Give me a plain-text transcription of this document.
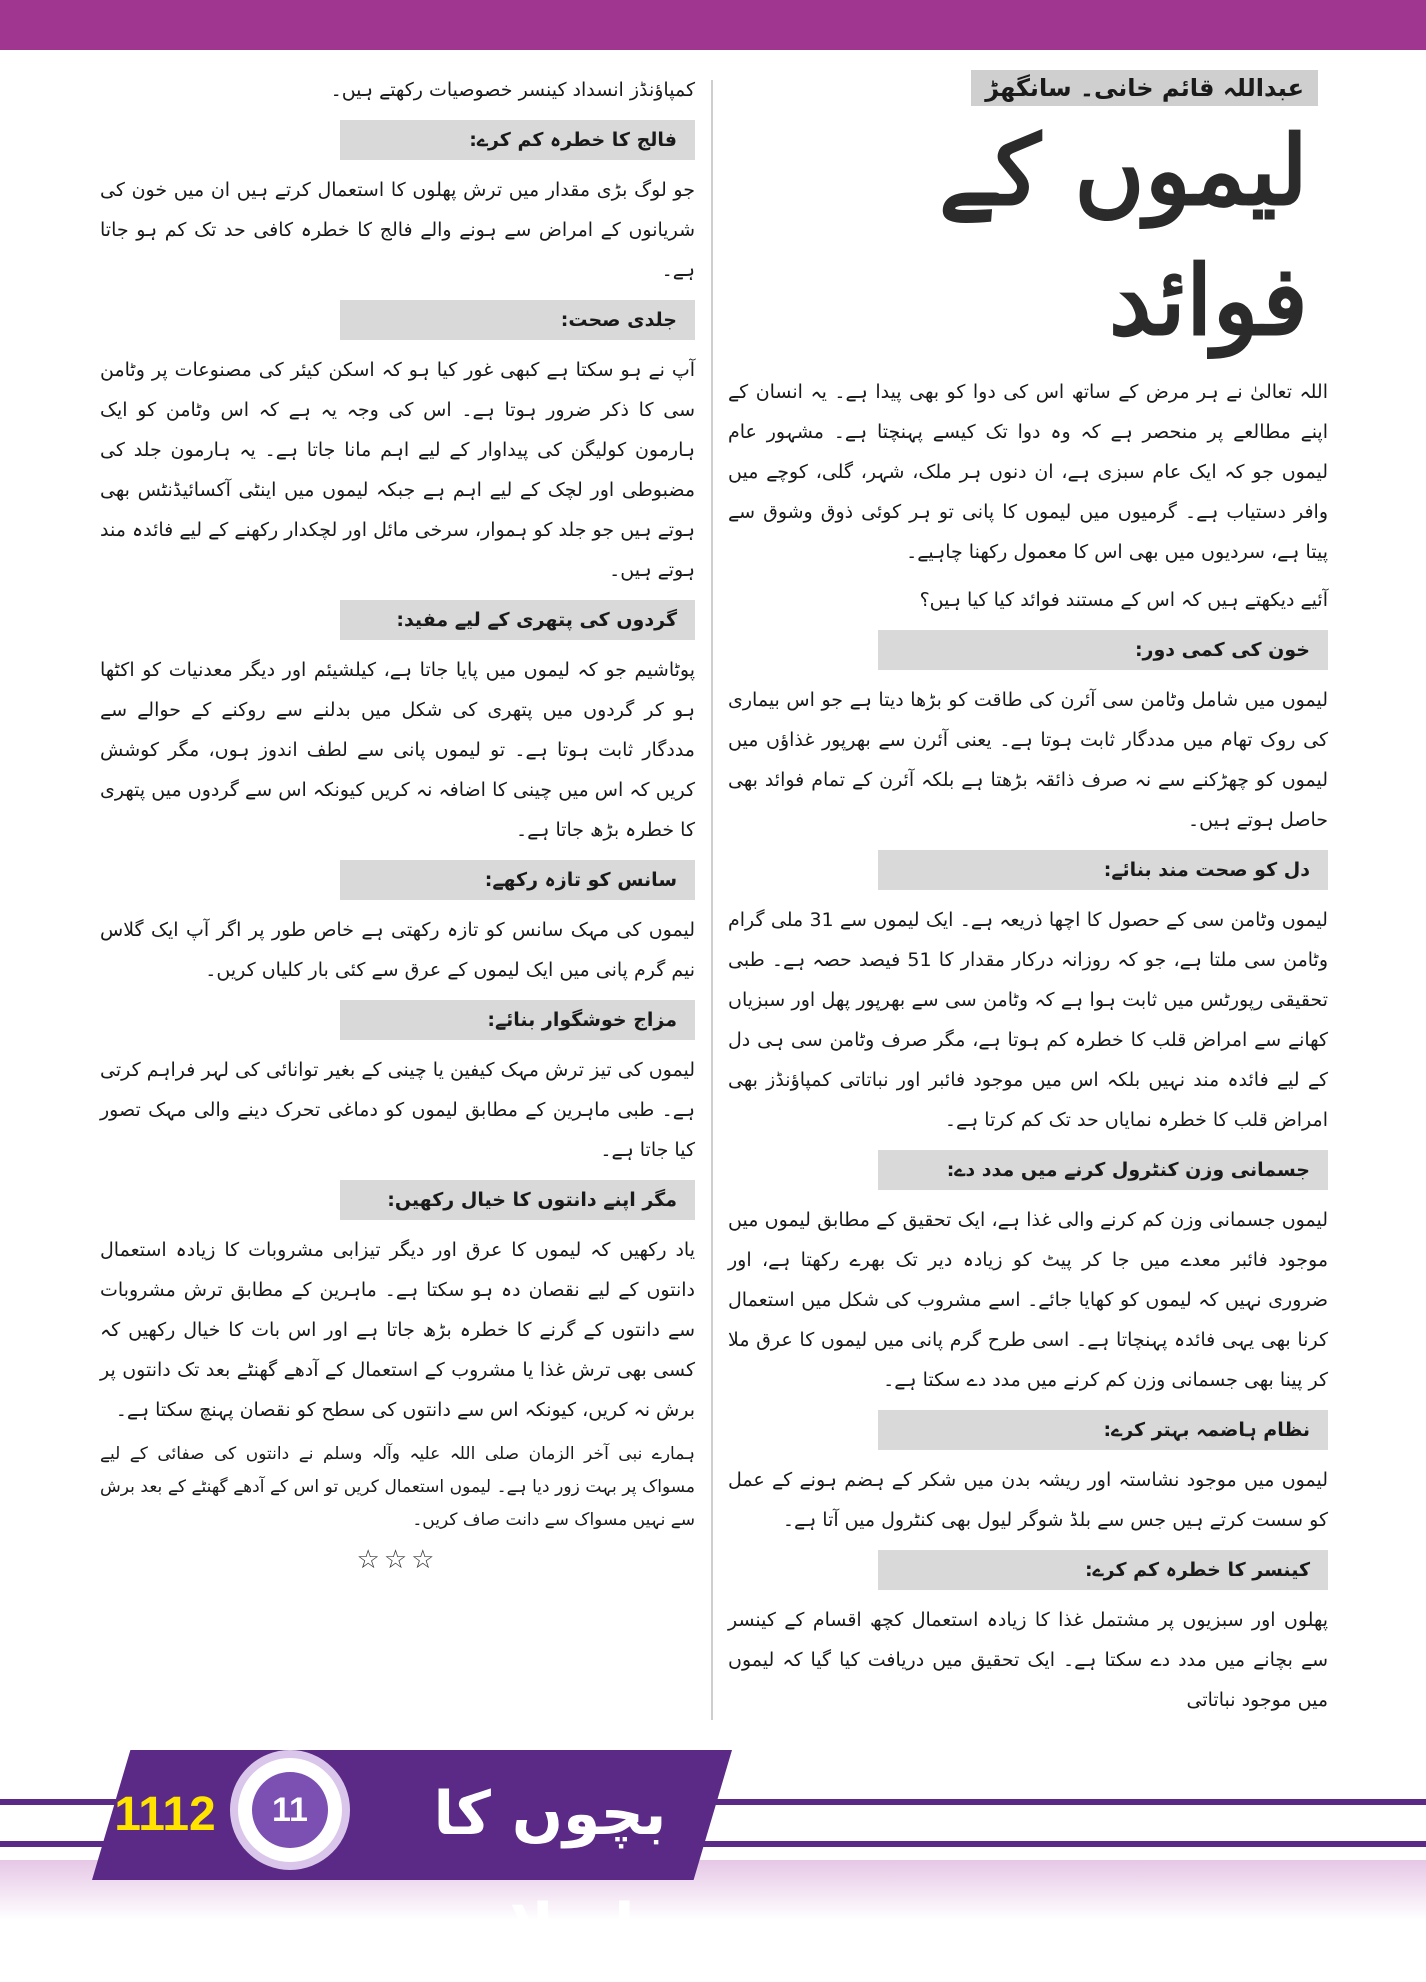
عبداللہ قائم خانی۔ سانگھڑ
لیموں کے فوائد

اللہ تعالیٰ نے ہر مرض کے ساتھ اس کی دوا کو بھی پیدا ہے۔ یہ انسان کے اپنے مطالعے پر منحصر ہے کہ وہ دوا تک کیسے پہنچتا ہے۔ مشہور عام لیموں جو کہ ایک عام سبزی ہے، ان دنوں ہر ملک، شہر، گلی، کوچے میں وافر دستیاب ہے۔ گرمیوں میں لیموں کا پانی تو ہر کوئی ذوق وشوق سے پیتا ہے، سردیوں میں بھی اس کا معمول رکھنا چاہیے۔

آئیے دیکھتے ہیں کہ اس کے مستند فوائد کیا کیا ہیں؟

خون کی کمی دور:

لیموں میں شامل وٹامن سی آئرن کی طاقت کو بڑھا دیتا ہے جو اس بیماری کی روک تھام میں مددگار ثابت ہوتا ہے۔ یعنی آئرن سے بھرپور غذاؤں میں لیموں کو چھڑکنے سے نہ صرف ذائقہ بڑھتا ہے بلکہ آئرن کے تمام فوائد بھی حاصل ہوتے ہیں۔

دل کو صحت مند بنائے:

لیموں وٹامن سی کے حصول کا اچھا ذریعہ ہے۔ ایک لیموں سے 31 ملی گرام وٹامن سی ملتا ہے، جو کہ روزانہ درکار مقدار کا 51 فیصد حصہ ہے۔ طبی تحقیقی رپورٹس میں ثابت ہوا ہے کہ وٹامن سی سے بھرپور پھل اور سبزیاں کھانے سے امراض قلب کا خطرہ کم ہوتا ہے، مگر صرف وٹامن سی ہی دل کے لیے فائدہ مند نہیں بلکہ اس میں موجود فائبر اور نباتاتی کمپاؤنڈز بھی امراض قلب کا خطرہ نمایاں حد تک کم کرتا ہے۔

جسمانی وزن کنٹرول کرنے میں مدد دے:

لیموں جسمانی وزن کم کرنے والی غذا ہے، ایک تحقیق کے مطابق لیموں میں موجود فائبر معدے میں جا کر پیٹ کو زیادہ دیر تک بھرے رکھتا ہے، اور ضروری نہیں کہ لیموں کو کھایا جائے۔ اسے مشروب کی شکل میں استعمال کرنا بھی یہی فائدہ پہنچاتا ہے۔ اسی طرح گرم پانی میں لیموں کا عرق ملا کر پینا بھی جسمانی وزن کم کرنے میں مدد دے سکتا ہے۔

نظام ہاضمہ بہتر کرے:

لیموں میں موجود نشاستہ اور ریشہ بدن میں شکر کے ہضم ہونے کے عمل کو سست کرتے ہیں جس سے بلڈ شوگر لیول بھی کنٹرول میں آتا ہے۔

کینسر کا خطرہ کم کرے:

پھلوں اور سبزیوں پر مشتمل غذا کا زیادہ استعمال کچھ اقسام کے کینسر سے بچانے میں مدد دے سکتا ہے۔ ایک تحقیق میں دریافت کیا گیا کہ لیموں میں موجود نباتاتی

کمپاؤنڈز انسداد کینسر خصوصیات رکھتے ہیں۔

فالج کا خطرہ کم کرے:

جو لوگ بڑی مقدار میں ترش پھلوں کا استعمال کرتے ہیں ان میں خون کی شریانوں کے امراض سے ہونے والے فالج کا خطرہ کافی حد تک کم ہو جاتا ہے۔

جلدی صحت:

آپ نے ہو سکتا ہے کبھی غور کیا ہو کہ اسکن کیئر کی مصنوعات پر وٹامن سی کا ذکر ضرور ہوتا ہے۔ اس کی وجہ یہ ہے کہ اس وٹامن کو ایک ہارمون کولیگن کی پیداوار کے لیے اہم مانا جاتا ہے۔ یہ ہارمون جلد کی مضبوطی اور لچک کے لیے اہم ہے جبکہ لیموں میں اینٹی آکسائیڈنٹس بھی ہوتے ہیں جو جلد کو ہموار، سرخی مائل اور لچکدار رکھنے کے لیے فائدہ مند ہوتے ہیں۔

گردوں کی پتھری کے لیے مفید:

پوٹاشیم جو کہ لیموں میں پایا جاتا ہے، کیلشیئم اور دیگر معدنیات کو اکٹھا ہو کر گردوں میں پتھری کی شکل میں بدلنے سے روکنے کے حوالے سے مددگار ثابت ہوتا ہے۔ تو لیموں پانی سے لطف اندوز ہوں، مگر کوشش کریں کہ اس میں چینی کا اضافہ نہ کریں کیونکہ اس سے گردوں میں پتھری کا خطرہ بڑھ جاتا ہے۔

سانس کو تازہ رکھے:

لیموں کی مہک سانس کو تازہ رکھتی ہے خاص طور پر اگر آپ ایک گلاس نیم گرم پانی میں ایک لیموں کے عرق سے کئی بار کلیاں کریں۔

مزاج خوشگوار بنائے:

لیموں کی تیز ترش مہک کیفین یا چینی کے بغیر توانائی کی لہر فراہم کرتی ہے۔ طبی ماہرین کے مطابق لیموں کو دماغی تحرک دینے والی مہک تصور کیا جاتا ہے۔

مگر اپنے دانتوں کا خیال رکھیں:

یاد رکھیں کہ لیموں کا عرق اور دیگر تیزابی مشروبات کا زیادہ استعمال دانتوں کے لیے نقصان دہ ہو سکتا ہے۔ ماہرین کے مطابق ترش مشروبات سے دانتوں کے گرنے کا خطرہ بڑھ جاتا ہے اور اس بات کا خیال رکھیں کہ کسی بھی ترش غذا یا مشروب کے استعمال کے آدھے گھنٹے بعد تک دانتوں پر برش نہ کریں، کیونکہ اس سے دانتوں کی سطح کو نقصان پہنچ سکتا ہے۔

ہمارے نبی آخر الزمان صلی اللہ علیہ وآلہ وسلم نے دانتوں کی صفائی کے لیے مسواک پر بہت زور دیا ہے۔ لیموں استعمال کریں تو اس کے آدھے گھنٹے کے بعد برش سے نہیں مسواک سے دانت صاف کریں۔

☆☆☆
1112	11	بچوں کا اسلام
